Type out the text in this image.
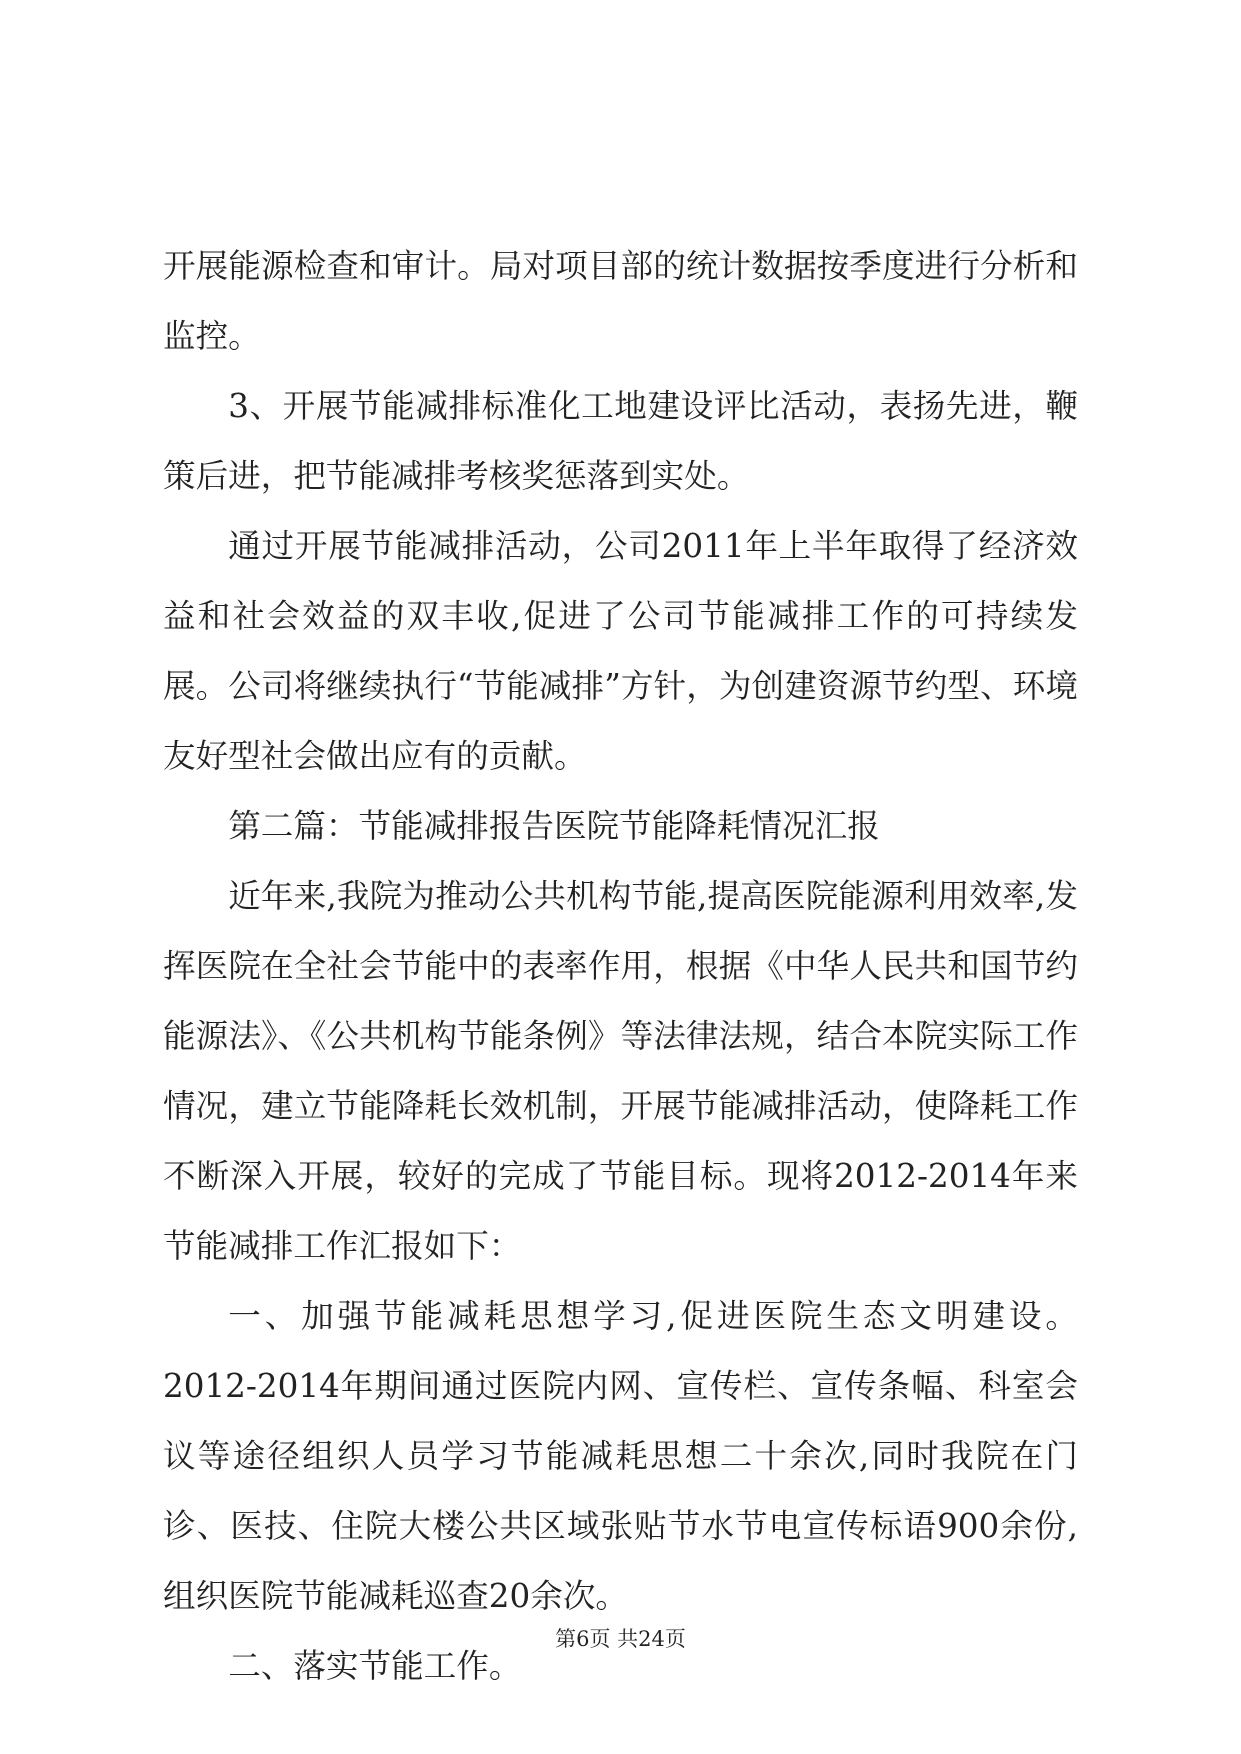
开展能源检查和审计。局对项目部的统计数据按季度进行分析和监控。

3、开展节能减排标准化工地建设评比活动，表扬先进，鞭策后进，把节能减排考核奖惩落到实处。

通过开展节能减排活动，公司2011年上半年取得了经济效益和社会效益的双丰收,促进了公司节能减排工作的可持续发展。公司将继续执行“节能减排”方针，为创建资源节约型、环境友好型社会做出应有的贡献。

第二篇：节能减排报告医院节能降耗情况汇报

近年来,我院为推动公共机构节能,提高医院能源利用效率,发挥医院在全社会节能中的表率作用，根据《中华人民共和国节约能源法》、《公共机构节能条例》等法律法规，结合本院实际工作情况，建立节能降耗长效机制，开展节能减排活动，使降耗工作不断深入开展，较好的完成了节能目标。现将2012-2014年来节能减排工作汇报如下：

一、加强节能减耗思想学习,促进医院生态文明建设。2012-2014年期间通过医院内网、宣传栏、宣传条幅、科室会议等途径组织人员学习节能减耗思想二十余次,同时我院在门诊、医技、住院大楼公共区域张贴节水节电宣传标语900余份,组织医院节能减耗巡查20余次。

二、落实节能工作。

第6页 共24页
